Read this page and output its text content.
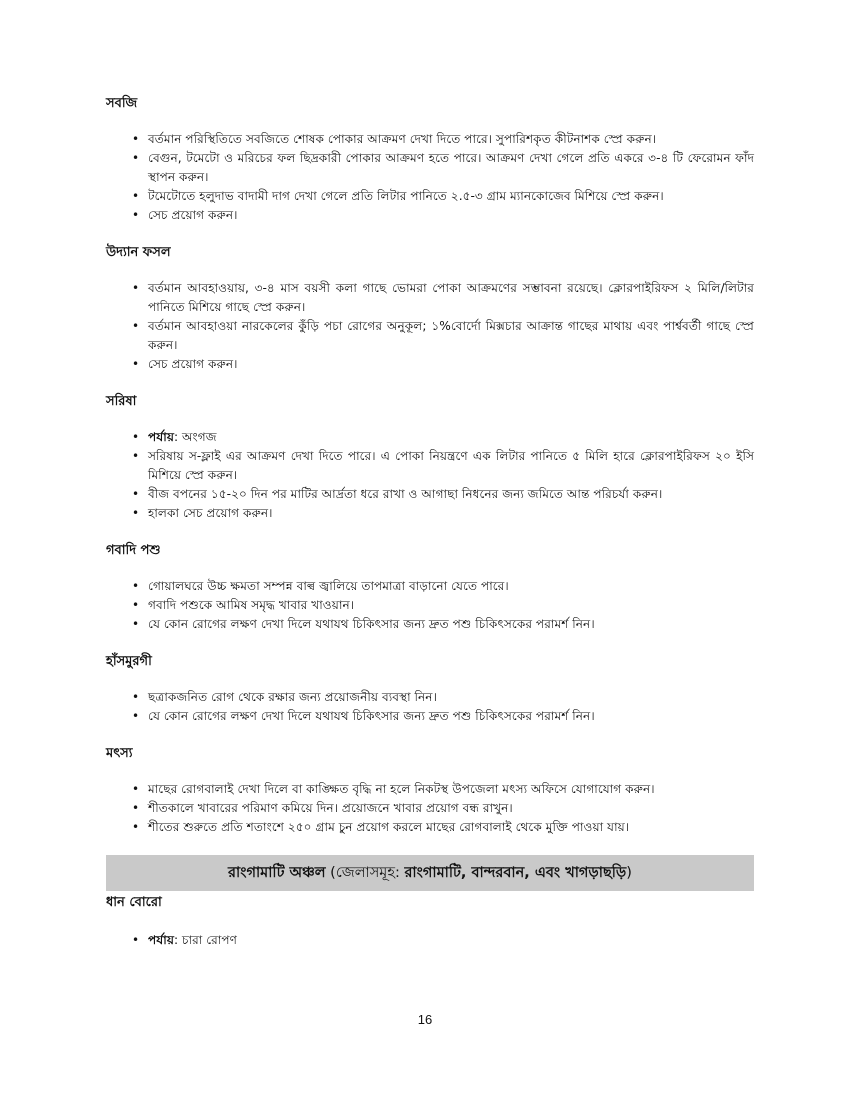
সবজি
• বর্তমান পরিস্থিতিতে সবজিতে শোষক পোকার আক্রমণ দেখা দিতে পারে। সুপারিশকৃত কীটনাশক স্প্রে করুন।
• বেগুন, টমেটো ও মরিচের ফল ছিদ্রকারী পোকার আক্রমণ হতে পারে। আক্রমণ দেখা গেলে প্রতি একরে ৩-৪ টি ফেরোমন ফাঁদ স্থাপন করুন।
• টমেটোতে হলুদাভ বাদামী দাগ দেখা গেলে প্রতি লিটার পানিতে ২.৫-৩ গ্রাম ম্যানকোজেব মিশিয়ে স্প্রে করুন।
• সেচ প্রয়োগ করুন।
উদ্যান ফসল
• বর্তমান আবহাওয়ায়, ৩-৪ মাস বয়সী কলা গাছে ভোমরা পোকা আক্রমণের সম্ভাবনা রয়েছে। ক্লোরপাইরিফস ২ মিলি/লিটার পানিতে মিশিয়ে গাছে স্প্রে করুন।
• বর্তমান আবহাওয়া নারকেলের কুঁড়ি পচা রোগের অনুকূল; ১%বোর্দো মিক্সচার আক্রান্ত গাছের মাথায় এবং পার্শ্ববর্তী গাছে স্প্রে করুন।
• সেচ প্রয়োগ করুন।
সরিষা
• পর্যায়: অংগজ
• সরিষায় স-ফ্লাই এর আক্রমণ দেখা দিতে পারে। এ পোকা নিয়ন্ত্রণে এক লিটার পানিতে ৫ মিলি হারে ক্লোরপাইরিফস ২০ ইসি মিশিয়ে স্প্রে করুন।
• বীজ বপনের ১৫-২০ দিন পর মাটির আর্দ্রতা ধরে রাখা ও আগাছা নিধনের জন্য জমিতে আন্ত পরিচর্যা করুন।
• হালকা সেচ প্রয়োগ করুন।
গবাদি পশু
• গোয়ালঘরে উচ্চ ক্ষমতা সম্পন্ন বাল্ব জ্বালিয়ে তাপমাত্রা বাড়ানো যেতে পারে।
• গবাদি পশুকে আমিষ সমৃদ্ধ খাবার খাওয়ান।
• যে কোন রোগের লক্ষণ দেখা দিলে যথাযথ চিকিৎসার জন্য দ্রুত পশু চিকিৎসকের পরামর্শ নিন।
হাঁসমুরগী
• ছত্রাকজনিত রোগ থেকে রক্ষার জন্য প্রয়োজনীয় ব্যবস্থা নিন।
• যে কোন রোগের লক্ষণ দেখা দিলে যথাযথ চিকিৎসার জন্য দ্রুত পশু চিকিৎসকের পরামর্শ নিন।
মৎস্য
• মাছের রোগবালাই দেখা দিলে বা কাঙ্ক্ষিত বৃদ্ধি না হলে নিকটস্থ উপজেলা মৎস্য অফিসে যোগাযোগ করুন।
• শীতকালে খাবারের পরিমাণ কমিয়ে দিন। প্রয়োজনে খাবার প্রয়োগ বন্ধ রাখুন।
• শীতের শুরুতে প্রতি শতাংশে ২৫০ গ্রাম চুন প্রয়োগ করলে মাছের রোগবালাই থেকে মুক্তি পাওয়া যায়।
রাংগামাটি অঞ্চল (জেলাসমূহ: রাংগামাটি, বান্দরবান, এবং খাগড়াছড়ি)
ধান বোরো
• পর্যায়: চারা রোপণ
16
